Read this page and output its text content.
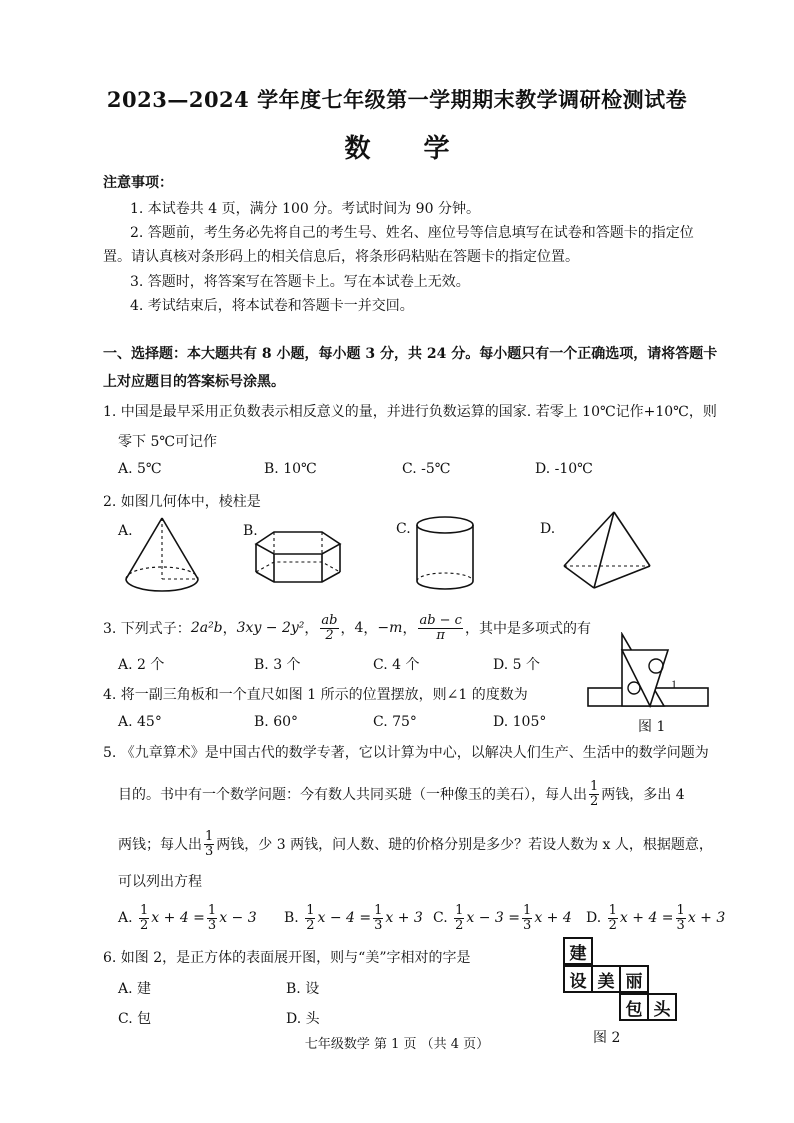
2023—2024 学年度七年级第一学期期末教学调研检测试卷
数 学
注意事项：
1. 本试卷共 4 页，满分 100 分。考试时间为 90 分钟。
2. 答题前，考生务必先将自己的考生号、姓名、座位号等信息填写在试卷和答题卡的指定位
置。请认真核对条形码上的相关信息后，将条形码粘贴在答题卡的指定位置。
3. 答题时，将答案写在答题卡上。写在本试卷上无效。
4. 考试结束后，将本试卷和答题卡一并交回。
一、选择题：本大题共有 8 小题，每小题 3 分，共 24 分。每小题只有一个正确选项，请将答题卡
上对应题目的答案标号涂黑。
1. 中国是最早采用正负数表示相反意义的量，并进行负数运算的国家. 若零上 10℃记作+10℃，则
零下 5℃可记作
A. 5℃	B. 10℃	C. -5℃	D. -10℃
2. 如图几何体中，棱柱是
A.	B.	C.	D.
3. 下列式子： 2a²b ， 3xy − 2y² ， $\frac{ab}{2}$ ， 4 ， −m ， $\frac{ab - c}{\pi}$ ，其中是多项式的有
A. 2 个	B. 3 个	C. 4 个	D. 5 个
1
图 1
4. 将一副三角板和一个直尺如图 1 所示的位置摆放，则∠1 的度数为
A. 45°	B. 60°	C. 75°	D. 105°
5. 《九章算术》是中国古代的数学专著，它以计算为中心，以解决人们生产、生活中的数学问题为
目的。书中有一个数学问题：今有数人共同买琎（一种像玉的美石），每人出 $\frac{1}{2}$ 两钱，多出 4
两钱；每人出 $\frac{1}{3}$ 两钱，少 3 两钱，问人数、琎的价格分别是多少？若设人数为 x 人，根据题意，
可以列出方程
A.
$\frac{1}{2}$ $x + 4 = \frac{1}{3}$ x − 3 B.
$\frac{1}{2}$ $x - 4 = \frac{1}{3}$ x + 3 C.
$\frac{1}{2}$ $x - 3 = \frac{1}{3}$ x + 4 D.
$\frac{1}{2}$ $x + 4 = \frac{1}{3}$ x + 3
6. 如图 2，是正方体的表面展开图，则与“美”字相对的字是
A. 建	B. 设
C. 包	D. 头
建
设 美 丽
包 头
图 2
七年级数学 第 1 页 （共 4 页）
